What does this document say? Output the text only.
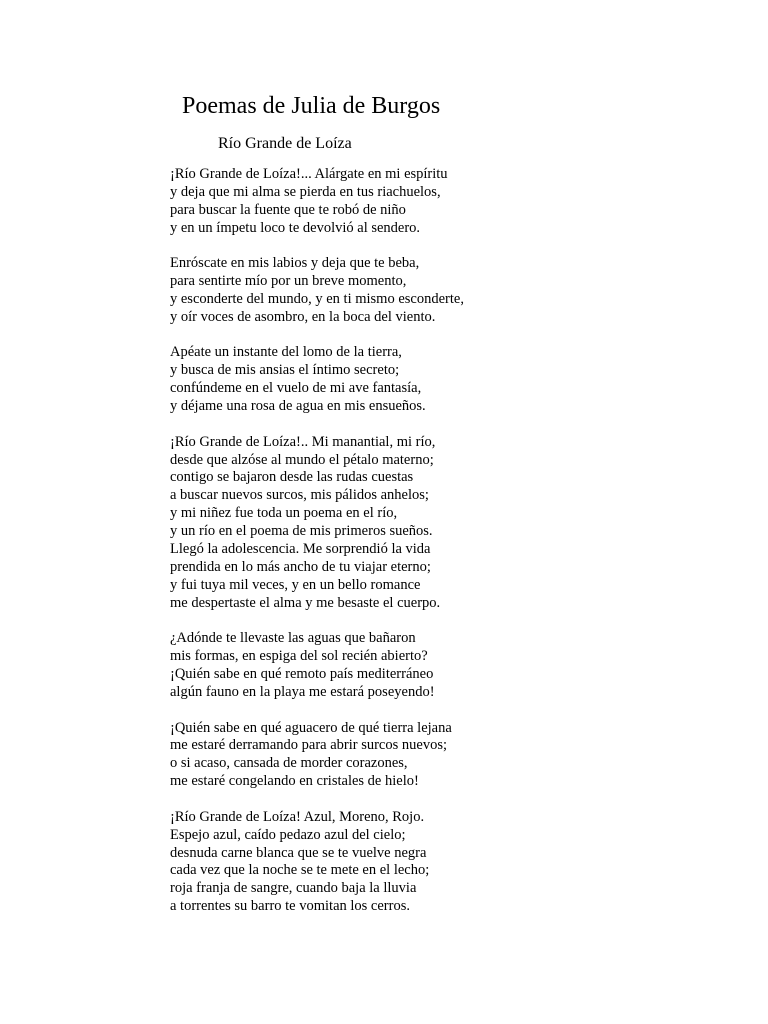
Poemas de Julia de Burgos
Río Grande de Loíza

¡Río Grande de Loíza!... Alárgate en mi espíritu
y deja que mi alma se pierda en tus riachuelos,
para buscar la fuente que te robó de niño
y en un ímpetu loco te devolvió al sendero.

Enróscate en mis labios y deja que te beba,
para sentirte mío por un breve momento,
y esconderte del mundo, y en ti mismo esconderte,
y oír voces de asombro, en la boca del viento.

Apéate un instante del lomo de la tierra,
y busca de mis ansias el íntimo secreto;
confúndeme en el vuelo de mi ave fantasía,
y déjame una rosa de agua en mis ensueños.

¡Río Grande de Loíza!.. Mi manantial, mi río,
desde que alzóse al mundo el pétalo materno;
contigo se bajaron desde las rudas cuestas
a buscar nuevos surcos, mis pálidos anhelos;
y mi niñez fue toda un poema en el río,
y un río en el poema de mis primeros sueños.
Llegó la adolescencia. Me sorprendió la vida
prendida en lo más ancho de tu viajar eterno;
y fui tuya mil veces, y en un bello romance
me despertaste el alma y me besaste el cuerpo.

¿Adónde te llevaste las aguas que bañaron
mis formas, en espiga del sol recién abierto?
¡Quién sabe en qué remoto país mediterráneo
algún fauno en la playa me estará poseyendo!

¡Quién sabe en qué aguacero de qué tierra lejana
me estaré derramando para abrir surcos nuevos;
o si acaso, cansada de morder corazones,
me estaré congelando en cristales de hielo!

¡Río Grande de Loíza! Azul, Moreno, Rojo.
Espejo azul, caído pedazo azul del cielo;
desnuda carne blanca que se te vuelve negra
cada vez que la noche se te mete en el lecho;
roja franja de sangre, cuando baja la lluvia
a torrentes su barro te vomitan los cerros.
